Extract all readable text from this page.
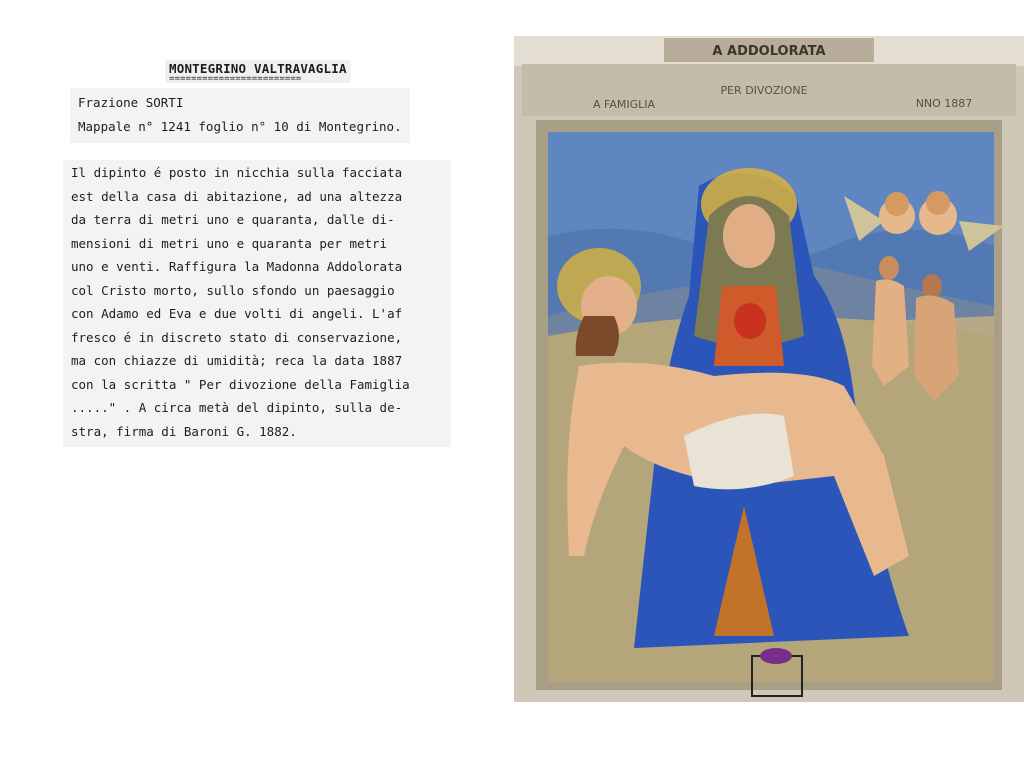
MONTEGRINO VALTRAVAGLIA
========================
Frazione SORTI
Mappale n° 1241 foglio n° 10 di Montegrino.
Il dipinto é posto in nicchia sulla facciata
est della casa di abitazione, ad una altezza
da terra di metri uno e quaranta, dalle di-
mensioni di metri uno e quaranta per metri
uno e venti. Raffigura la Madonna Addolorata
col Cristo morto, sullo sfondo un paesaggio
con Adamo ed Eva e due volti di angeli. L'af
fresco é in discreto stato di conservazione,
ma con chiazze di umidità; reca la data 1887
con la scritta " Per divozione della Famiglia
....." . A circa metà del dipinto, sulla de-
stra, firma di Baroni G. 1882.
A ADDOLORATA
PER DIVOZIONE
A FAMIGLIA	NNO 1887
